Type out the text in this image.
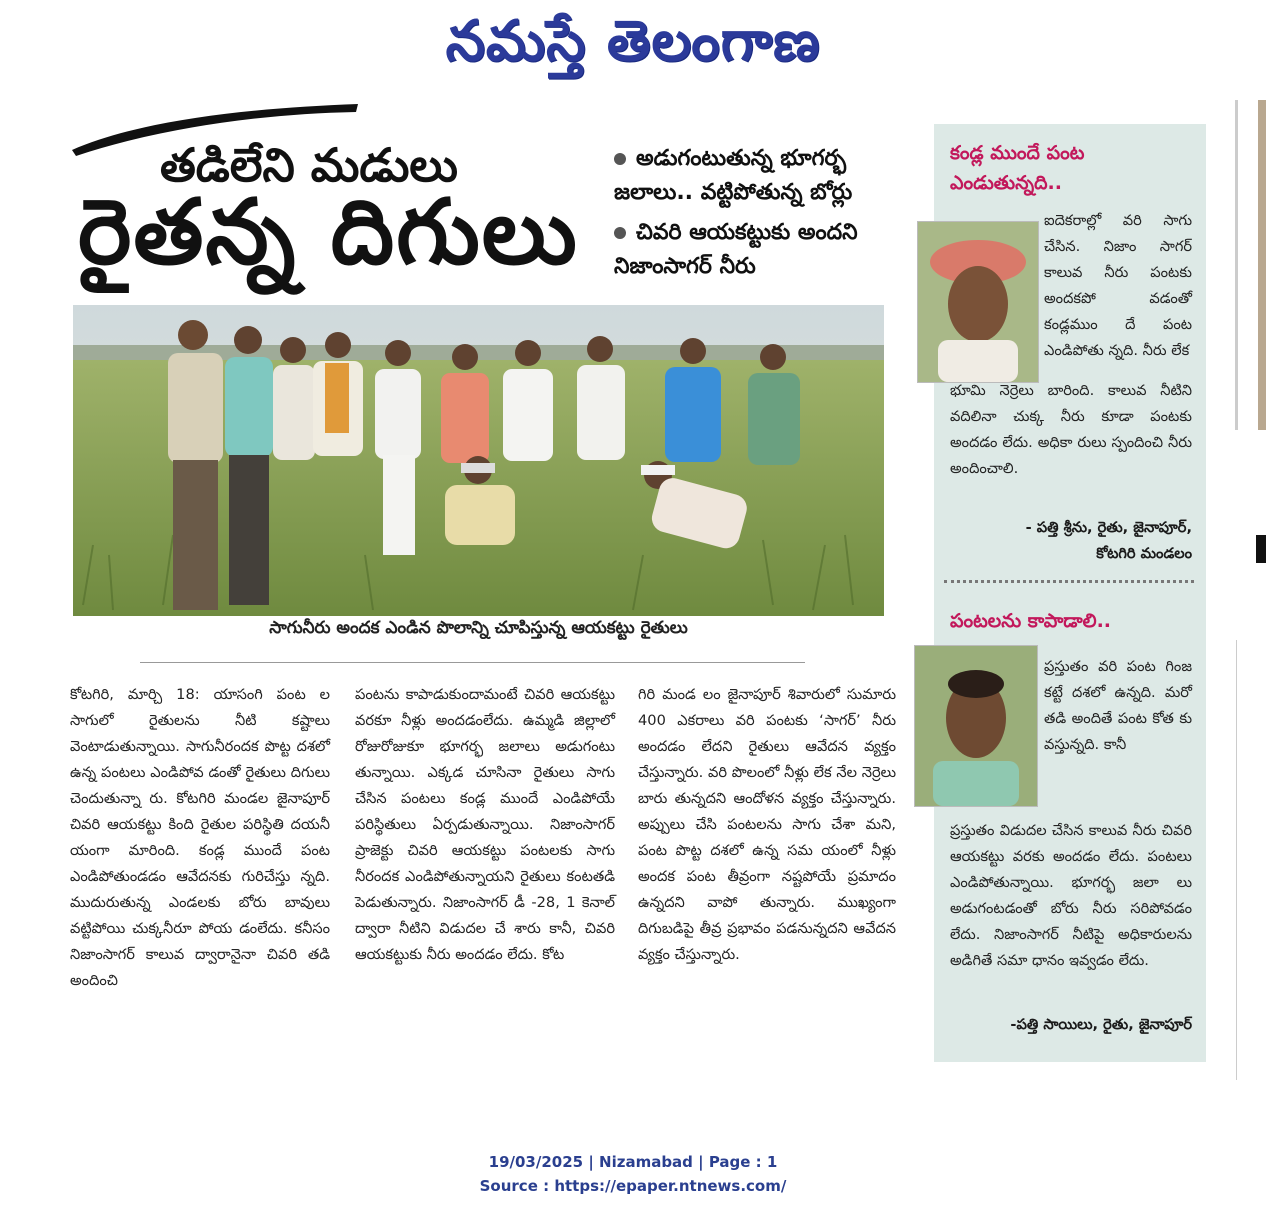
నమస్తే తెలంగాణ
తడిలేని మడులు
రైతన్న దిగులు
అడుగంటుతున్న భూగర్భ జలాలు.. వట్టిపోతున్న బోర్లు
చివరి ఆయకట్టుకు అందని నిజాంసాగర్ నీరు
సాగునీరు అందక ఎండిన పొలాన్ని చూపిస్తున్న ఆయకట్టు రైతులు

కోటగిరి, మార్చి 18: యాసంగి పంట ల సాగులో రైతులను నీటి కష్టాలు వెంటాడుతున్నాయి. సాగునీరందక పొట్ట దశలో ఉన్న పంటలు ఎండిపోవ డంతో రైతులు దిగులు చెందుతున్నా రు. కోటగిరి మండల జైనాపూర్ చివరి ఆయకట్టు కింది రైతుల పరిస్థితి దయనీ యంగా మారింది. కండ్ల ముందే పంట ఎండిపోతుండడం ఆవేదనకు గురిచేస్తు న్నది. ముదురుతున్న ఎండలకు బోరు బావులు వట్టిపోయి చుక్కనీరూ పోయ డంలేదు. కనీసం నిజాంసాగర్ కాలువ ద్వారానైనా చివరి తడి అందించి

పంటను కాపాడుకుందామంటే చివరి ఆయకట్టు వరకూ నీళ్లు అందడంలేదు. ఉమ్మడి జిల్లాలో రోజురోజుకూ భూగర్భ జలాలు అడుగంటు తున్నాయి. ఎక్కడ చూసినా రైతులు సాగు చేసిన పంటలు కండ్ల ముందే ఎండిపోయే పరిస్థితులు ఏర్పడుతున్నాయి. నిజాంసాగర్ ప్రాజెక్టు చివరి ఆయకట్టు పంటలకు సాగు నీరందక ఎండిపోతున్నాయని రైతులు కంటతడి పెడుతున్నారు. నిజాంసాగర్ డీ -28, 1 కెనాల్ ద్వారా నీటిని విడుదల చే శారు కానీ, చివరి ఆయకట్టుకు నీరు అందడం లేదు. కోట

గిరి మండ లం జైనాపూర్ శివారులో సుమారు 400 ఎకరాలు వరి పంటకు ‘సాగర్’ నీరు అందడం లేదని రైతులు ఆవేదన వ్యక్తం చేస్తున్నారు. వరి పొలంలో నీళ్లు లేక నేల నెర్రెలు బారు తున్నదని ఆందోళన వ్యక్తం చేస్తున్నారు. అప్పులు చేసి పంటలను సాగు చేశా మని, పంట పొట్ట దశలో ఉన్న సమ యంలో నీళ్లు అందక పంట తీవ్రంగా నష్టపోయే ప్రమాదం ఉన్నదని వాపో తున్నారు. ముఖ్యంగా దిగుబడిపై తీవ్ర ప్రభావం పడనున్నదని ఆవేదన వ్యక్తం చేస్తున్నారు.

కండ్ల ముందే పంట ఎండుతున్నది..
ఐదెకరాల్లో వరి సాగు చేసిన. నిజాం సాగర్ కాలువ నీరు పంటకు అందకపో వడంతో కండ్లముం దే పంట ఎండిపోతు న్నది. నీరు లేక
భూమి నెర్రెలు బారింది. కాలువ నీటిని వదిలినా చుక్క నీరు కూడా పంటకు అందడం లేదు. అధికా రులు స్పందించి నీరు అందించాలి.
- పత్తి శ్రీను, రైతు, జైనాపూర్,
కోటగిరి మండలం
పంటలను కాపాడాలి..
ప్రస్తుతం వరి పంట గింజ కట్టే దశలో ఉన్నది. మరో తడి అందితే పంట కోత కు వస్తున్నది. కానీ
ప్రస్తుతం విడుదల చేసిన కాలువ నీరు చివరి ఆయకట్టు వరకు అందడం లేదు. పంటలు ఎండిపోతున్నాయి. భూగర్భ జలా లు అడుగంటడంతో బోరు నీరు సరిపోవడం లేదు. నిజాంసాగర్ నీటిపై అధికారులను అడిగితే సమా ధానం ఇవ్వడం లేదు.
-పత్తి సాయిలు, రైతు, జైనాపూర్
19/03/2025 | Nizamabad | Page : 1
Source : https://epaper.ntnews.com/
